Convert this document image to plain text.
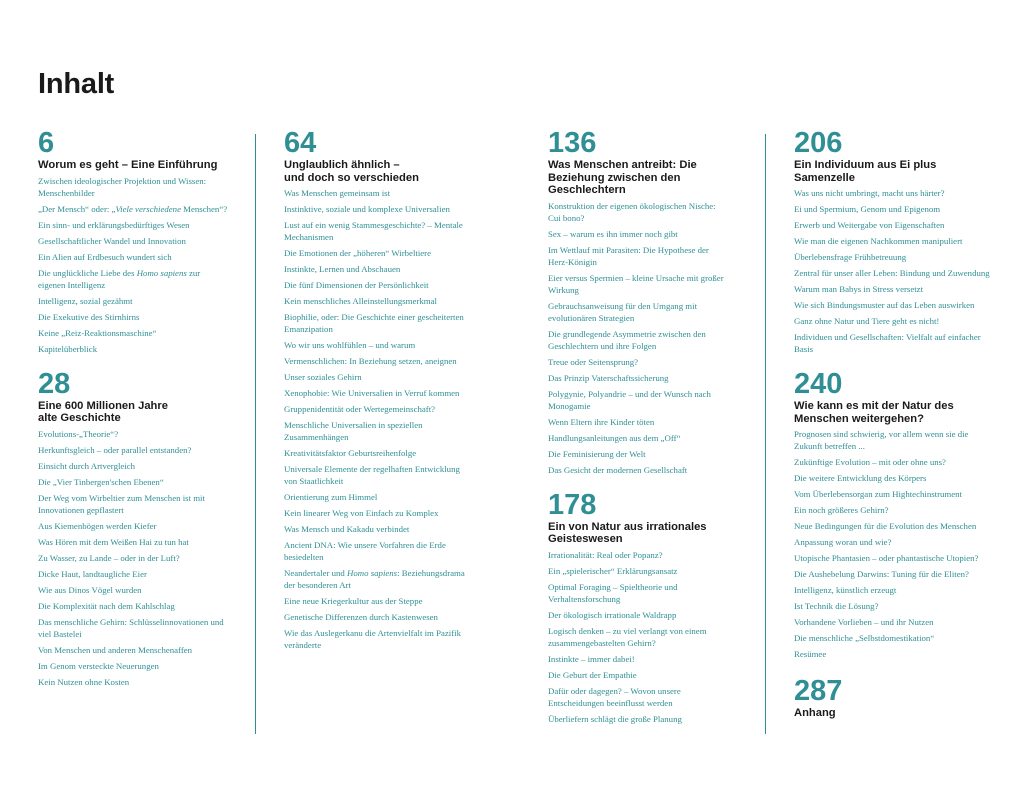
Inhalt
6
Worum es geht – Eine Einführung
Zwischen ideologischer Projektion und Wissen: Menschenbilder
„Der Mensch“ oder: „Viele verschiedene Menschen“?
Ein sinn- und erklärungsbedürftiges Wesen
Gesellschaftlicher Wandel und Innovation
Ein Alien auf Erdbesuch wundert sich
Die unglückliche Liebe des Homo sapiens zur eigenen Intelligenz
Intelligenz, sozial gezähmt
Die Exekutive des Stirnhirns
Keine „Reiz-Reaktionsmaschine“
Kapitelüberblick
28
Eine 600 Millionen Jahre
alte Geschichte
Evolutions-„Theorie“?
Herkunftsgleich – oder parallel entstanden?
Einsicht durch Artvergleich
Die „Vier Tinbergen'schen Ebenen“
Der Weg vom Wirbeltier zum Menschen ist mit Innovationen gepflastert
Aus Kiemenbögen werden Kiefer
Was Hören mit dem Weißen Hai zu tun hat
Zu Wasser, zu Lande – oder in der Luft?
Dicke Haut, landtaugliche Eier
Wie aus Dinos Vögel wurden
Die Komplexität nach dem Kahlschlag
Das menschliche Gehirn: Schlüsselinnovationen und viel Bastelei
Von Menschen und anderen Menschenaffen
Im Genom versteckte Neuerungen
Kein Nutzen ohne Kosten
64
Unglaublich ähnlich –
und doch so verschieden
Was Menschen gemeinsam ist
Instinktive, soziale und komplexe Universalien
Lust auf ein wenig Stammesgeschichte? – Mentale Mechanismen
Die Emotionen der „höheren“ Wirbeltiere
Instinkte, Lernen und Abschauen
Die fünf Dimensionen der Persönlichkeit
Kein menschliches Alleinstellungsmerkmal
Biophilie, oder: Die Geschichte einer gescheiterten Emanzipation
Wo wir uns wohlfühlen – und warum
Vermenschlichen: In Beziehung setzen, aneignen
Unser soziales Gehirn
Xenophobie: Wie Universalien in Verruf kommen
Gruppenidentität oder Wertegemeinschaft?
Menschliche Universalien in speziellen Zusammenhängen
Kreativitätsfaktor Geburtsreihenfolge
Universale Elemente der regelhaften Entwicklung von Staatlichkeit
Orientierung zum Himmel
Kein linearer Weg von Einfach zu Komplex
Was Mensch und Kakadu verbindet
Ancient DNA: Wie unsere Vorfahren die Erde besiedelten
Neandertaler und Homo sapiens: Beziehungsdrama der besonderen Art
Eine neue Kriegerkultur aus der Steppe
Genetische Differenzen durch Kastenwesen
Wie das Auslegerkanu die Artenvielfalt im Pazifik veränderte
136
Was Menschen antreibt: Die
Beziehung zwischen den
Geschlechtern
Konstruktion der eigenen ökologischen Nische: Cui bono?
Sex – warum es ihn immer noch gibt
Im Wettlauf mit Parasiten: Die Hypothese der Herz-Königin
Eier versus Spermien – kleine Ursache mit großer Wirkung
Gebrauchsanweisung für den Umgang mit evolutionären Strategien
Die grundlegende Asymmetrie zwischen den Geschlechtern und ihre Folgen
Treue oder Seitensprung?
Das Prinzip Vaterschaftssicherung
Polygynie, Polyandrie – und der Wunsch nach Monogamie
Wenn Eltern ihre Kinder töten
Handlungsanleitungen aus dem „Off“
Die Feminisierung der Welt
Das Gesicht der modernen Gesellschaft
178
Ein von Natur aus irrationales
Geisteswesen
Irrationalität: Real oder Popanz?
Ein „spielerischer“ Erklärungsansatz
Optimal Foraging – Spieltheorie und Verhaltensforschung
Der ökologisch irrationale Waldrapp
Logisch denken – zu viel verlangt von einem zusammengebastelten Gehirn?
Instinkte – immer dabei!
Die Geburt der Empathie
Dafür oder dagegen? – Wovon unsere Entscheidungen beeinflusst werden
Überliefern schlägt die große Planung
206
Ein Individuum aus Ei plus Samenzelle
Was uns nicht umbringt, macht uns härter?
Ei und Spermium, Genom und Epigenom
Erwerb und Weitergabe von Eigenschaften
Wie man die eigenen Nachkommen manipuliert
Überlebensfrage Frühbetreuung
Zentral für unser aller Leben: Bindung und Zuwendung
Warum man Babys in Stress versetzt
Wie sich Bindungsmuster auf das Leben auswirken
Ganz ohne Natur und Tiere geht es nicht!
Individuen und Gesellschaften: Vielfalt auf einfacher Basis
240
Wie kann es mit der Natur des
Menschen weitergehen?
Prognosen sind schwierig, vor allem wenn sie die Zukunft betreffen ...
Zukünftige Evolution – mit oder ohne uns?
Die weitere Entwicklung des Körpers
Vom Überlebensorgan zum Hightechinstrument
Ein noch größeres Gehirn?
Neue Bedingungen für die Evolution des Menschen
Anpassung woran und wie?
Utopische Phantasien – oder phantastische Utopien?
Die Aushebelung Darwins: Tuning für die Eliten?
Intelligenz, künstlich erzeugt
Ist Technik die Lösung?
Vorhandene Vorlieben – und ihr Nutzen
Die menschliche „Selbstdomestikation“
Resümee
287
Anhang
